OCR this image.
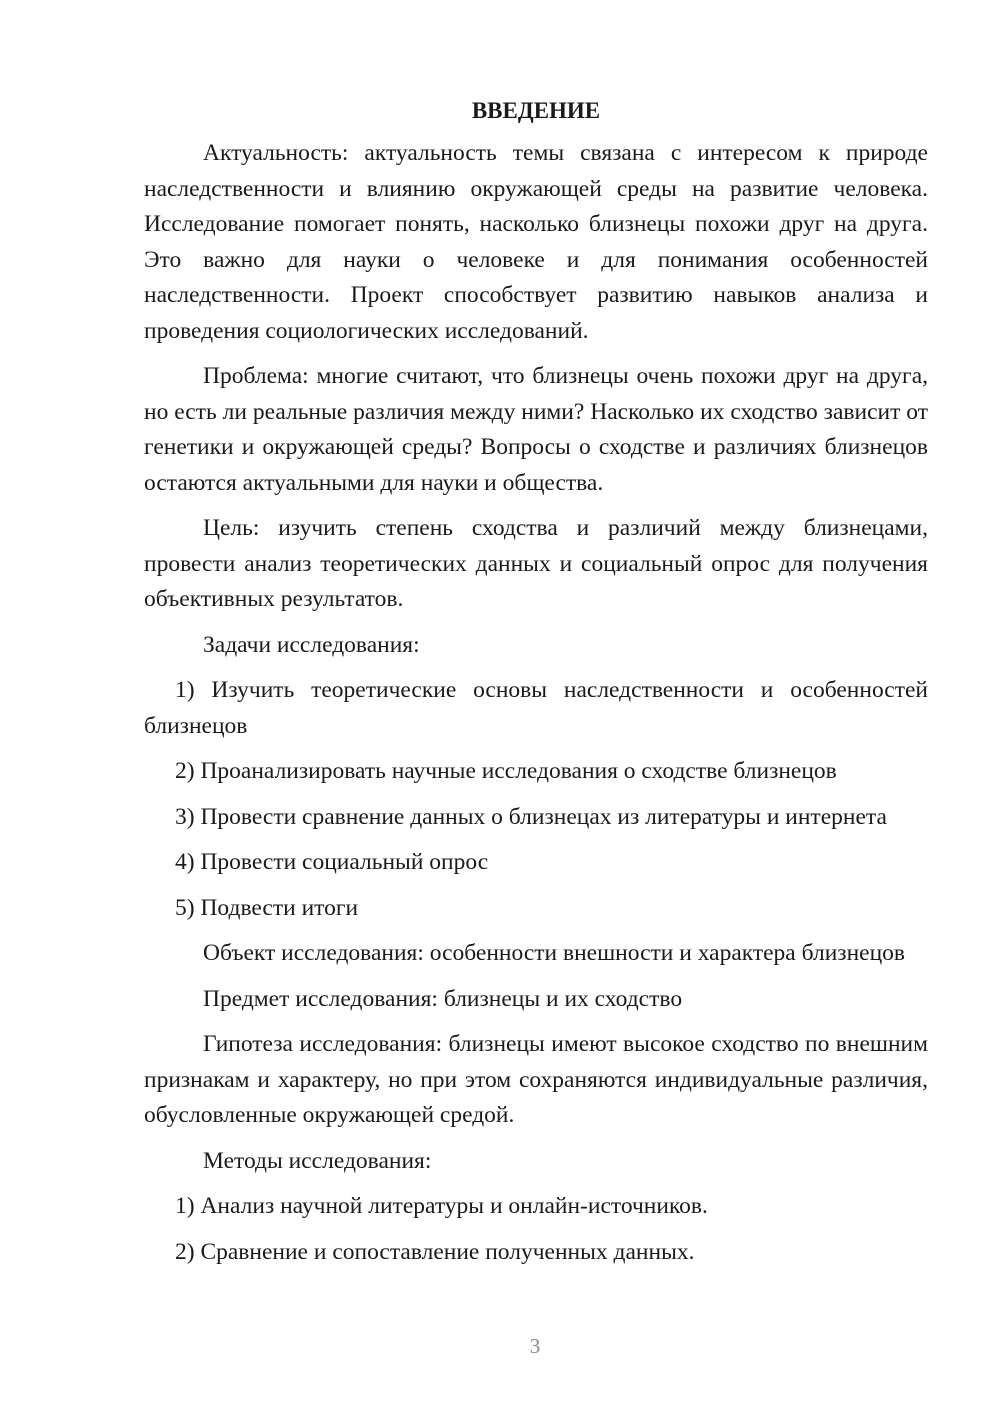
ВВЕДЕНИЕ

Актуальность: актуальность темы связана с интересом к природе наследственности и влиянию окружающей среды на развитие человека. Исследование помогает понять, насколько близнецы похожи друг на друга. Это важно для науки о человеке и для понимания особенностей наследственности. Проект способствует развитию навыков анализа и проведения социологических исследований.

Проблема: многие считают, что близнецы очень похожи друг на друга, но есть ли реальные различия между ними? Насколько их сходство зависит от генетики и окружающей среды? Вопросы о сходстве и различиях близнецов остаются актуальными для науки и общества.

Цель: изучить степень сходства и различий между близнецами, провести анализ теоретических данных и социальный опрос для получения объективных результатов.

Задачи исследования:

1) Изучить теоретические основы наследственности и особенностей близнецов

2) Проанализировать научные исследования о сходстве близнецов

3) Провести сравнение данных о близнецах из литературы и интернета

4) Провести социальный опрос

5) Подвести итоги

Объект исследования: особенности внешности и характера близнецов

Предмет исследования: близнецы и их сходство

Гипотеза исследования: близнецы имеют высокое сходство по внешним признакам и характеру, но при этом сохраняются индивидуальные различия, обусловленные окружающей средой.

Методы исследования:

1) Анализ научной литературы и онлайн-источников.

2) Сравнение и сопоставление полученных данных.

3
